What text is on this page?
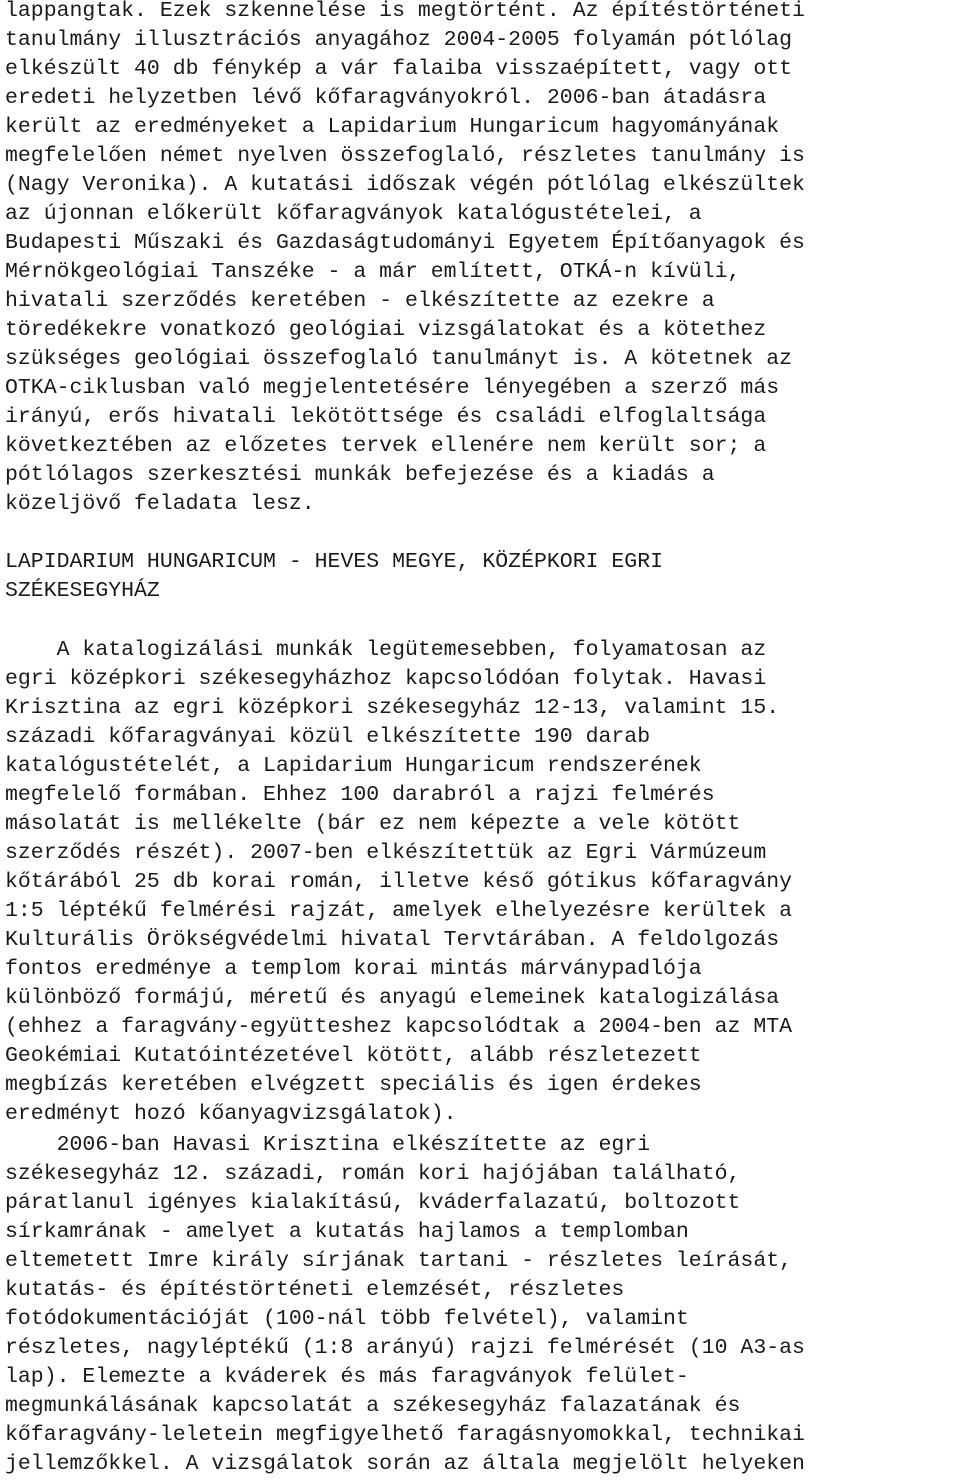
lappangtak. Ezek szkennelése is megtörtént. Az építéstörténeti
tanulmány illusztrációs anyagához 2004-2005 folyamán pótlólag
elkészült 40 db fénykép a vár falaiba visszaépített, vagy ott
eredeti helyzetben lévő kőfaragványokról. 2006-ban átadásra
került az eredményeket a Lapidarium Hungaricum hagyományának
megfelelően német nyelven összefoglaló, részletes tanulmány is
(Nagy Veronika). A kutatási időszak végén pótlólag elkészültek
az újonnan előkerült kőfaragványok katalógustételei, a
Budapesti Műszaki és Gazdaságtudományi Egyetem Építőanyagok és
Mérnökgeológiai Tanszéke - a már említett, OTKÁ-n kívüli,
hivatali szerződés keretében - elkészítette az ezekre a
töredékekre vonatkozó geológiai vizsgálatokat és a kötethez
szükséges geológiai összefoglaló tanulmányt is. A kötetnek az
OTKA-ciklusban való megjelentetésére lényegében a szerző más
irányú, erős hivatali lekötöttsége és családi elfoglaltsága
következtében az előzetes tervek ellenére nem került sor; a
pótlólagos szerkesztési munkák befejezése és a kiadás a
közeljövő feladata lesz.
LAPIDARIUM HUNGARICUM - HEVES MEGYE, KÖZÉPKORI EGRI
SZÉKESEGYHÁZ
A katalogizálási munkák legütemesebben, folyamatosan az
egri középkori székesegyházhoz kapcsolódóan folytak. Havasi
Krisztina az egri középkori székesegyház 12-13, valamint 15.
századi kőfaragványai közül elkészítette 190 darab
katalógustételét, a Lapidarium Hungaricum rendszerének
megfelelő formában. Ehhez 100 darabról a rajzi felmérés
másolatát is mellékelte (bár ez nem képezte a vele kötött
szerződés részét). 2007-ben elkészítettük az Egri Vármúzeum
kőtárából 25 db korai román, illetve késő gótikus kőfaragvány
1:5 léptékű felmérési rajzát, amelyek elhelyezésre kerültek a
Kulturális Örökségvédelmi hivatal Tervtárában. A feldolgozás
fontos eredménye a templom korai mintás márványpadlója
különböző formájú, méretű és anyagú elemeinek katalogizálása
(ehhez a faragvány-együtteshez kapcsolódtak a 2004-ben az MTA
Geokémiai Kutatóintézetével kötött, alább részletezett
megbízás keretében elvégzett speciális és igen érdekes
eredményt hozó kőanyagvizsgálatok).
2006-ban Havasi Krisztina elkészítette az egri
székesegyház 12. századi, román kori hajójában található,
páratlanul igényes kialakítású, kváderfalazatú, boltozott
sírkamrának - amelyet a kutatás hajlamos a templomban
eltemetett Imre király sírjának tartani - részletes leírását,
kutatás- és építéstörténeti elemzését, részletes
fotódokumentációját (100-nál több felvétel), valamint
részletes, nagyléptékű (1:8 arányú) rajzi felmérését (10 A3-as
lap). Elemezte a kváderek és más faragványok felület-
megmunkálásának kapcsolatát a székesegyház falazatának és
kőfaragvány-leletein megfigyelhető faragásnyomokkal, technikai
jellemzőkkel. A vizsgálatok során az általa megjelölt helyeken
